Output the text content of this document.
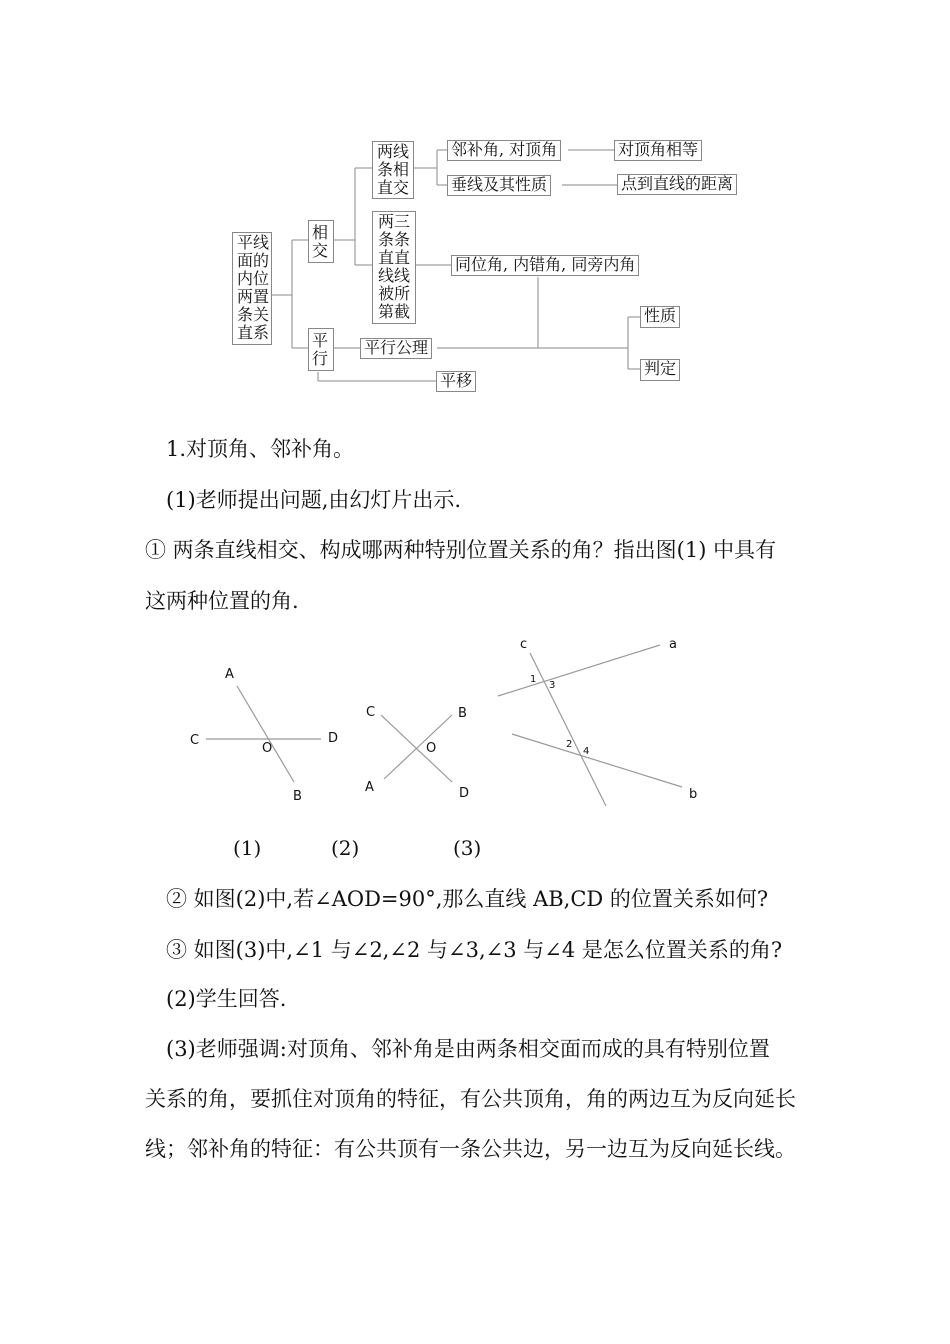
平线面的内位两置条关直系
相交
平行
两线条相直交
两三条条直直线线被所第截
邻补角, 对顶角	对顶角相等
垂线及其性质	点到直线的距离
同位角, 内错角, 同旁内角
性质
判定
平行公理
平移
1.对顶角、邻补角。
(1)老师提出问题,由幻灯片出示.
① 两条直线相交、构成哪两种特别位置关系的角？指出图(1) 中具有
这两种位置的角.
A
C
O
D
B
C	B
O
A	D
c	a
1
3
2
4
b
(1)	(2)	(3)
② 如图(2)中,若∠AOD=90°,那么直线 AB,CD 的位置关系如何?
③ 如图(3)中,∠1 与∠2,∠2 与∠3,∠3 与∠4 是怎么位置关系的角?
(2)学生回答.
(3)老师强调:对顶角、邻补角是由两条相交面而成的具有特别位置
关系的角，要抓住对顶角的特征，有公共顶角，角的两边互为反向延长线；邻补角的特征：有公共顶有一条公共边，另一边互为反向延长线。
